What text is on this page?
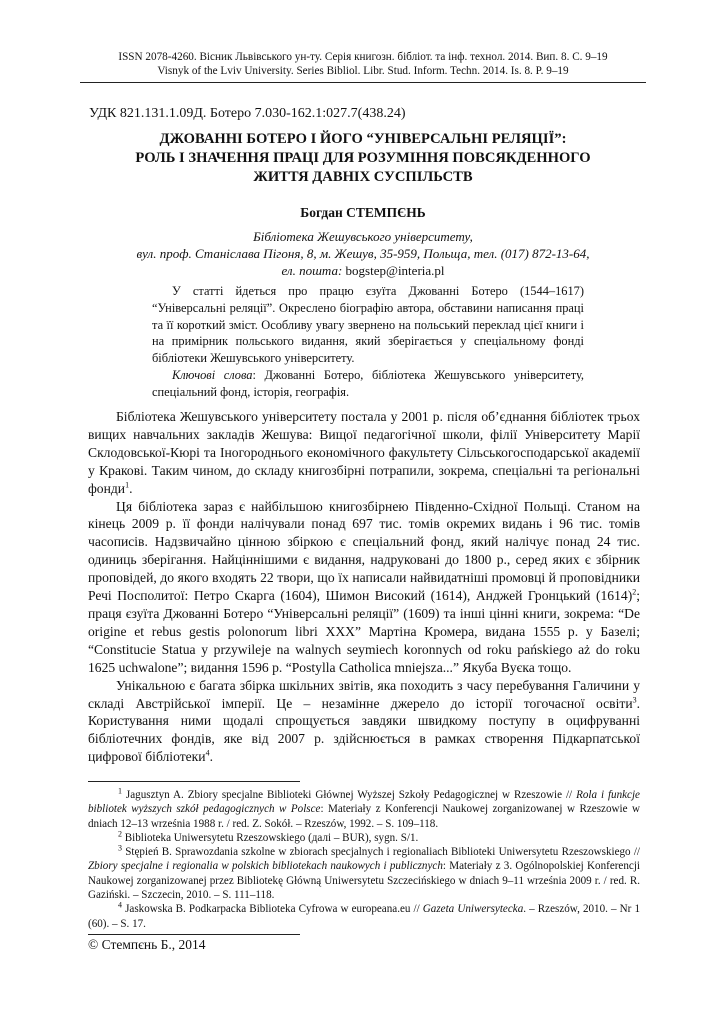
ISSN 2078-4260. Вісник Львівського ун-ту. Серія книгозн. бібліот. та інф. технол. 2014. Вип. 8. С. 9–19
Visnyk of the Lviv University. Series Bibliol. Libr. Stud. Inform. Techn. 2014. Is. 8. P. 9–19
УДК 821.131.1.09Д. Ботеро 7.030-162.1:027.7(438.24)
ДЖОВАННІ БОТЕРО І ЙОГО “УНІВЕРСАЛЬНІ РЕЛЯЦІЇ”:
РОЛЬ І ЗНАЧЕННЯ ПРАЦІ ДЛЯ РОЗУМІННЯ ПОВСЯКДЕННОГО
ЖИТТЯ ДАВНІХ СУСПІЛЬСТВ
Богдан СТЕМПЄНЬ
Бібліотека Жешувського університету,
вул. проф. Станіслава Пігоня, 8, м. Жешув, 35-959, Польща, тел. (017) 872-13-64,
ел. пошта: bogstep@interia.pl

У статті йдеться про працю єзуїта Джованні Ботеро (1544–1617) “Універсальні реляції”. Окреслено біографію автора, обставини написання праці та її короткий зміст. Особливу увагу звернено на польський переклад цієї книги і на примірник польського видання, який зберігається у спеціальному фонді бібліотеки Жешувського університету.

Ключові слова: Джованні Ботеро, бібліотека Жешувського університету, спеціальний фонд, історія, географія.

Бібліотека Жешувського університету постала у 2001 р. після об’єднання бібліотек трьох вищих навчальних закладів Жешува: Вищої педагогічної школи, філії Університету Марії Склодовської-Кюрі та Іногороднього економічного факультету Сільськогосподарської академії у Кракові. Таким чином, до складу книгозбірні потрапили, зокрема, спеціальні та регіональні фонди$^1$.

Ця бібліотека зараз є найбільшою книгозбірнею Південно-Східної Польщі. Станом на кінець 2009 р. її фонди налічували понад 697 тис. томів окремих видань і 96 тис. томів часописів. Надзвичайно цінною збіркою є спеціальний фонд, який налічує понад 24 тис. одиниць зберігання. Найціннішими є видання, надруковані до 1800 р., серед яких є збірник проповідей, до якого входять 22 твори, що їх написали найвидатніші промовці й проповідники Речі Посполитої: Петро Скарга (1604), Шимон Висoкий (1614), Анджей Гронцький $(1614)^2$; праця єзуїта Джованні Ботеро “Універсальні реляції” (1609) та інші цінні книги, зокрема: “De origine et rebus gestis polonorum libri XXX” Мартіна Кромера, видана 1555 р. у Базелі; “Constitucie Statua y przywileje na walnych seymiech koronnych od roku pańskiego aż do roku 1625 uchwalone”; видання 1596 р. “Postylla Catholica mniejsza...” Якуба Вуєка тощо.

Унікальною є багата збірка шкільних звітів, яка походить з часу перебування Галичини у складі Австрійської імперії. Це – незамінне джерело до історії тогочасної освіти$^3$. Користування ними щодалі спрощується завдяки швидкому поступу в оцифруванні бібліотечних фондів, яке від 2007 р. здійснюється в рамках створення Підкарпатської цифрової бібліотеки$^4$.

$^1$ Jagusztyn A. Zbiory specjalne Biblioteki Głównej Wyższej Szkoły Pedagogicznej w Rzeszowie // Rola i funkcje bibliotek wyższych szkół pedagogicznych w Polsce: Materiały z Konferencji Naukowej zorganizowanej w Rzeszowie w dniach 12–13 września 1988 r. / red. Z. Sokół. – Rzeszów, 1992. – S. 109–118.

$^2$ Biblioteka Uniwersytetu Rzeszowskiego (далі – BUR), sygn. S/1.

$^3$ Stępień B. Sprawozdania szkolne w zbiorach specjalnych i regionaliach Biblioteki Uniwersytetu Rzeszowskiego // Zbiory specjalne i regionalia w polskich bibliotekach naukowych i publicznych: Materiały z 3. Ogólnopolskiej Konferencji Naukowej zorganizowanej przez Bibliotekę Główną Uniwersytetu Szczecińskiego w dniach 9–11 września 2009 r. / red. R. Gaziński. – Szczecin, 2010. – S. 111–118.

$^4$ Jaskowska B. Podkarpacka Biblioteka Cyfrowa w europeana.eu // Gazeta Uniwersytecka. – Rzeszów, 2010. – Nr 1 (60). – S. 17.

© Стемпєнь Б., 2014
